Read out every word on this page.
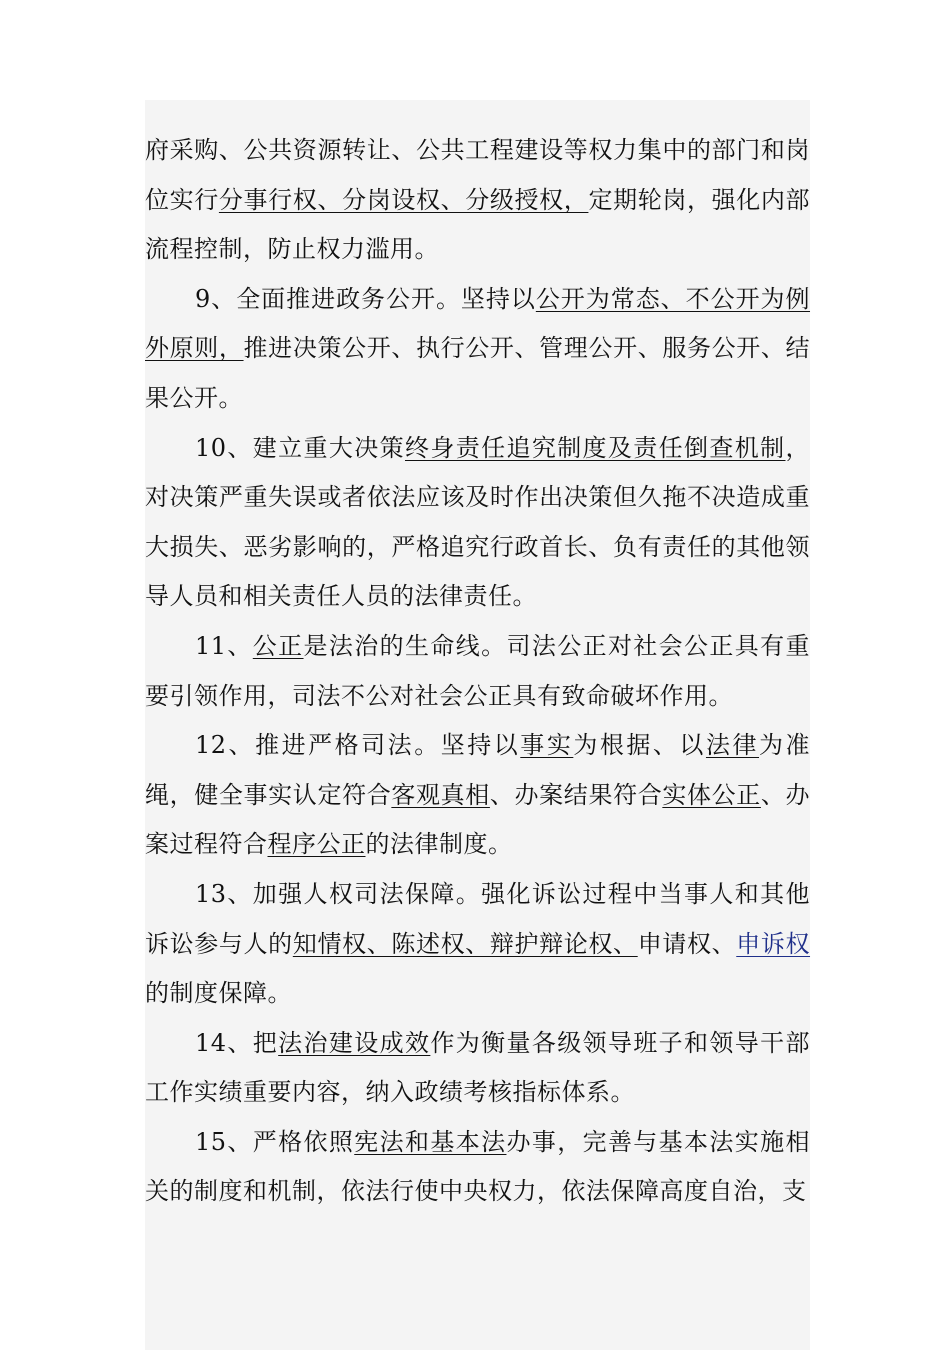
府采购、公共资源转让、公共工程建设等权力集中的部门和岗位实行分事行权、分岗设权、分级授权，定期轮岗，强化内部流程控制，防止权力滥用。

9、全面推进政务公开。坚持以公开为常态、不公开为例外原则，推进决策公开、执行公开、管理公开、服务公开、结果公开。

10、建立重大决策终身责任追究制度及责任倒查机制，对决策严重失误或者依法应该及时作出决策但久拖不决造成重大损失、恶劣影响的，严格追究行政首长、负有责任的其他领导人员和相关责任人员的法律责任。

11、公正是法治的生命线。司法公正对社会公正具有重要引领作用，司法不公对社会公正具有致命破坏作用。

12、推进严格司法。坚持以事实为根据、以法律为准绳，健全事实认定符合客观真相、办案结果符合实体公正、办案过程符合程序公正的法律制度。

13、加强人权司法保障。强化诉讼过程中当事人和其他诉讼参与人的知情权、陈述权、辩护辩论权、申请权、申诉权的制度保障。

14、把法治建设成效作为衡量各级领导班子和领导干部工作实绩重要内容，纳入政绩考核指标体系。

15、严格依照宪法和基本法办事，完善与基本法实施相关的制度和机制，依法行使中央权力，依法保障高度自治，支
